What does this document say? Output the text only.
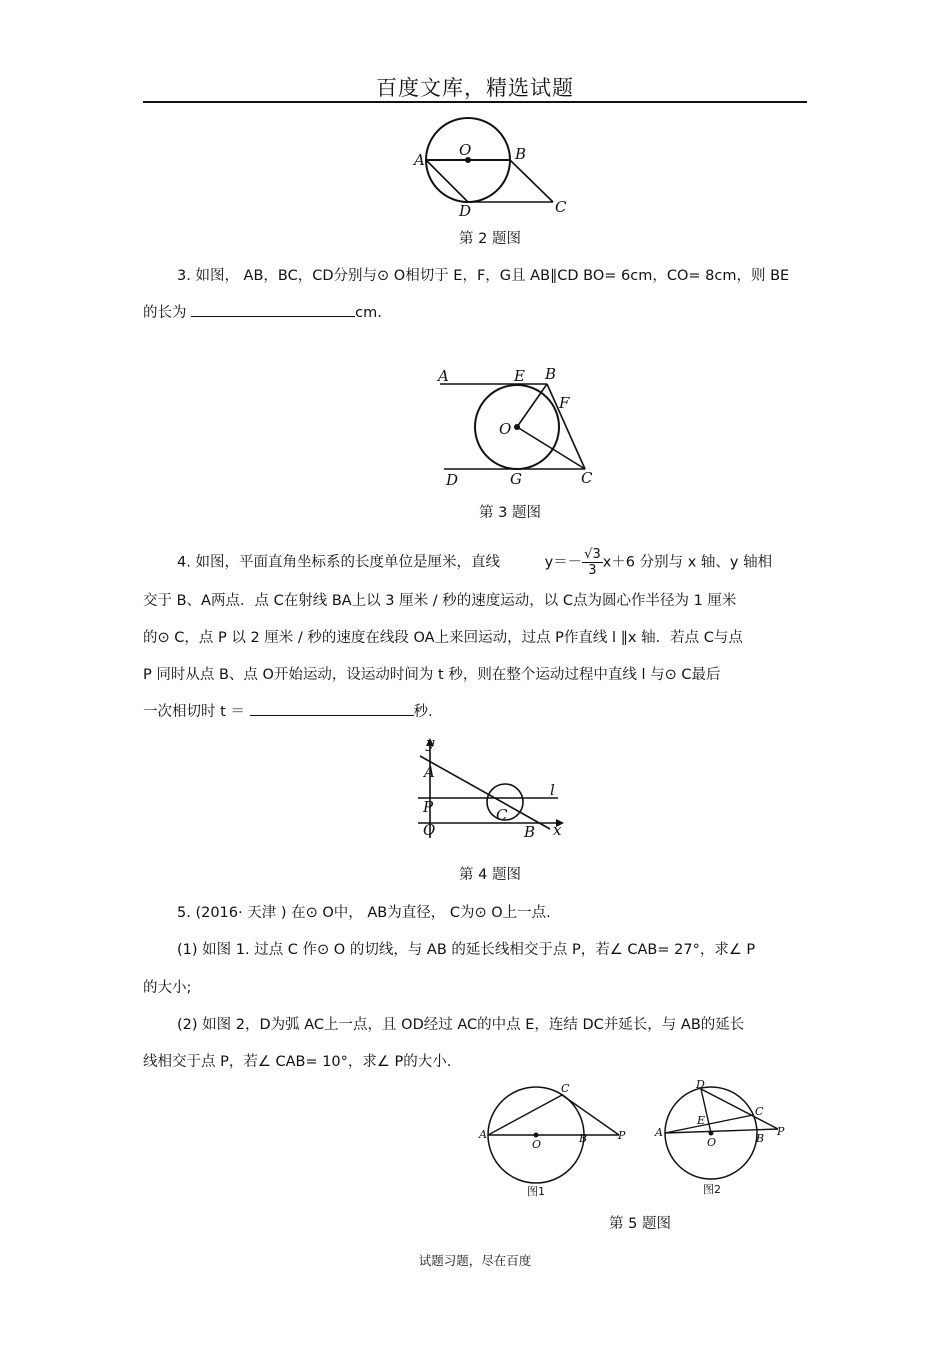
百度文库，精选试题
A
O	B
C
D
第 2 题图
3. 如图， AB，BC，CD分别与⊙ O相切于 E，F，G且 AB∥CD BO= 6cm，CO= 8cm，则 BE
的长为	cm.
A	E B
F
O
G
D	C
第 3 题图
4. 如图，平面直角坐标系的长度单位是厘米，直线	$y=- \frac{√3}{3} x+6$ 分别与 x 轴、y 轴相
交于 B、A两点．点 C在射线 BA上以 3 厘米 / 秒的速度运动，以 C点为圆心作半径为 1 厘米
的⊙ C，点 P 以 2 厘米 / 秒的速度在线段 OA上来回运动，过点 P作直线 l ∥x 轴．若点 C与点
P 同时从点 B、点 O开始运动，设运动时间为 t 秒，则在整个运动过程中直线 l 与⊙ C最后
一次相切时 t ＝	秒.
y
A
P
l
O
C
B x
第 4 题图
5. (2016· 天津 ) 在⊙ O中， AB为直径， C为⊙ O上一点.
(1) 如图 1. 过点 C 作⊙ O 的切线，与 AB 的延长线相交于点 P，若∠ CAB= 27°，求∠ P
的大小;
(2) 如图 2，D为弧 AC上一点，且 OD经过 AC的中点 E，连结 DC并延长，与 AB的延长
线相交于点 P，若∠ CAB= 10°，求∠ P的大小.
A
O	B	P
C
图1
A
O	B
P
C
D
E
图2
第 5 题图
试题习题，尽在百度
